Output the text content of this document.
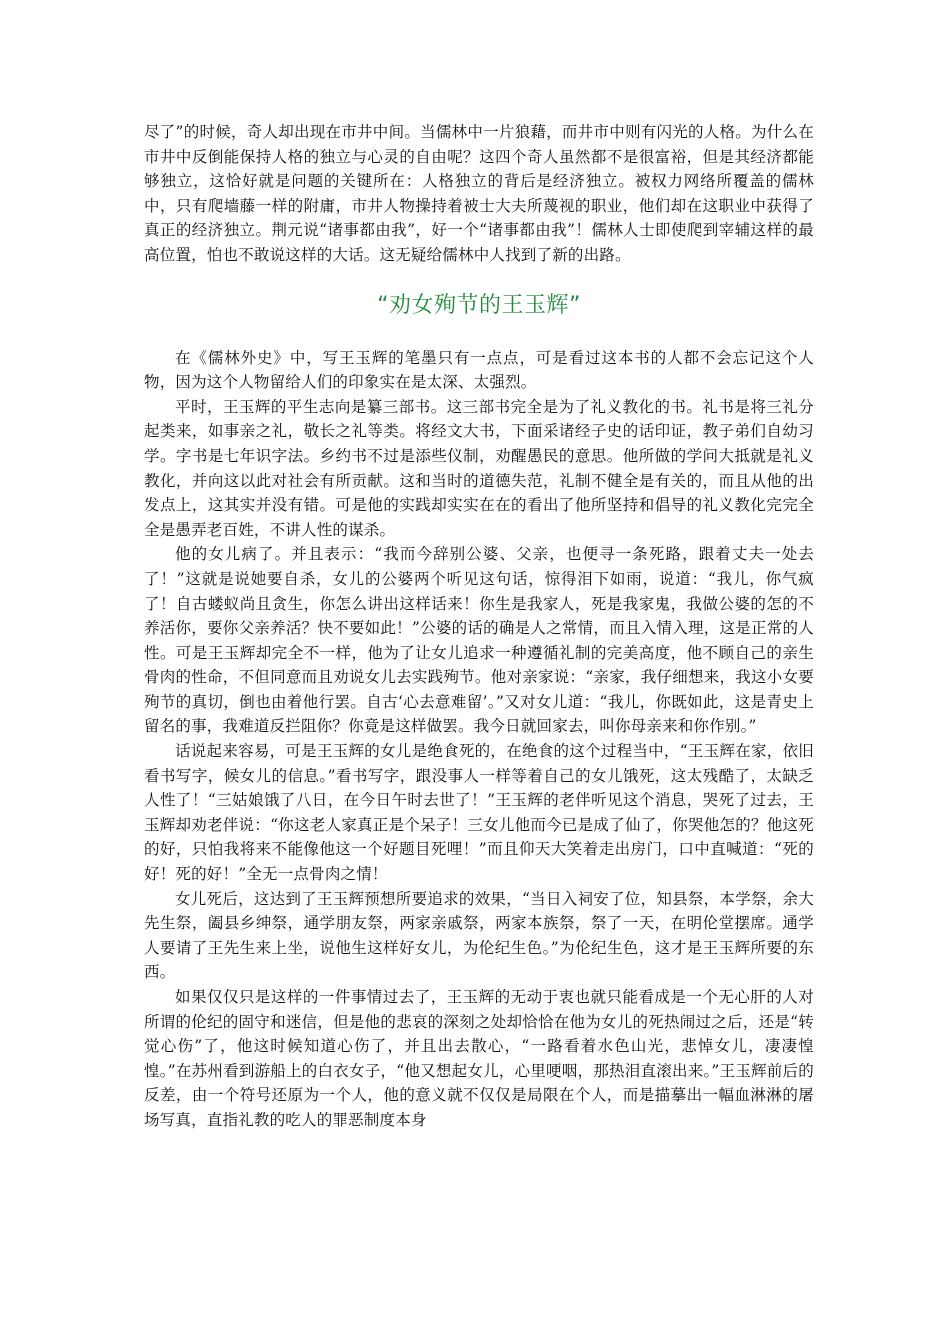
尽了”的时候，奇人却出现在市井中间。当儒林中一片狼藉，而井市中则有闪光的人格。为什么在市井中反倒能保持人格的独立与心灵的自由呢？这四个奇人虽然都不是很富裕，但是其经济都能够独立，这恰好就是问题的关键所在：人格独立的背后是经济独立。被权力网络所覆盖的儒林中，只有爬墙藤一样的附庸，市井人物操持着被士大夫所蔑视的职业，他们却在这职业中获得了真正的经济独立。荆元说“诸事都由我”，好一个“诸事都由我”！儒林人士即使爬到宰辅这样的最高位置，怕也不敢说这样的大话。这无疑给儒林中人找到了新的出路。

“劝女殉节的王玉辉”

在《儒林外史》中，写王玉辉的笔墨只有一点点，可是看过这本书的人都不会忘记这个人物，因为这个人物留给人们的印象实在是太深、太强烈。

平时，王玉辉的平生志向是纂三部书。这三部书完全是为了礼义教化的书。礼书是将三礼分起类来，如事亲之礼，敬长之礼等类。将经文大书，下面采诸经子史的话印证，教子弟们自幼习学。字书是七年识字法。乡约书不过是添些仪制，劝醒愚民的意思。他所做的学问大抵就是礼义教化，并向这以此对社会有所贡献。这和当时的道德失范，礼制不健全是有关的，而且从他的出发点上，这其实并没有错。可是他的实践却实实在在的看出了他所坚持和倡导的礼义教化完完全全是愚弄老百姓，不讲人性的谋杀。

他的女儿病了。并且表示：“我而今辞别公婆、父亲，也便寻一条死路，跟着丈夫一处去了！”这就是说她要自杀，女儿的公婆两个听见这句话，惊得泪下如雨，说道：“我儿，你气疯了！自古蝼蚁尚且贪生，你怎么讲出这样话来！你生是我家人，死是我家鬼，我做公婆的怎的不养活你，要你父亲养活？快不要如此！”公婆的话的确是人之常情，而且入情入理，这是正常的人性。可是王玉辉却完全不一样，他为了让女儿追求一种遵循礼制的完美高度，他不顾自己的亲生骨肉的性命，不但同意而且劝说女儿去实践殉节。他对亲家说：“亲家，我仔细想来，我这小女要殉节的真切，倒也由着他行罢。自古‘心去意难留’。”又对女儿道：“我儿，你既如此，这是青史上留名的事，我难道反拦阻你？你竟是这样做罢。我今日就回家去，叫你母亲来和你作别。”

话说起来容易，可是王玉辉的女儿是绝食死的，在绝食的这个过程当中，“王玉辉在家，依旧看书写字，候女儿的信息。”看书写字，跟没事人一样等着自己的女儿饿死，这太残酷了，太缺乏人性了！“三姑娘饿了八日，在今日午时去世了！”王玉辉的老伴听见这个消息，哭死了过去，王玉辉却劝老伴说：“你这老人家真正是个呆子！三女儿他而今已是成了仙了，你哭他怎的？他这死的好，只怕我将来不能像他这一个好题目死哩！”而且仰天大笑着走出房门，口中直喊道：“死的好！死的好！”全无一点骨肉之情！

女儿死后，这达到了王玉辉预想所要追求的效果，“当日入祠安了位，知县祭，本学祭，余大先生祭，阖县乡绅祭，通学朋友祭，两家亲戚祭，两家本族祭，祭了一天，在明伦堂摆席。通学人要请了王先生来上坐，说他生这样好女儿，为伦纪生色。”为伦纪生色，这才是王玉辉所要的东西。

如果仅仅只是这样的一件事情过去了，王玉辉的无动于衷也就只能看成是一个无心肝的人对所谓的伦纪的固守和迷信，但是他的悲哀的深刻之处却恰恰在他为女儿的死热闹过之后，还是“转觉心伤”了，他这时候知道心伤了，并且出去散心，“一路看着水色山光，悲悼女儿，凄凄惶惶。”在苏州看到游船上的白衣女子，“他又想起女儿，心里哽咽，那热泪直滚出来。”王玉辉前后的反差，由一个符号还原为一个人，他的意义就不仅仅是局限在个人，而是描摹出一幅血淋淋的屠场写真，直指礼教的吃人的罪恶制度本身
